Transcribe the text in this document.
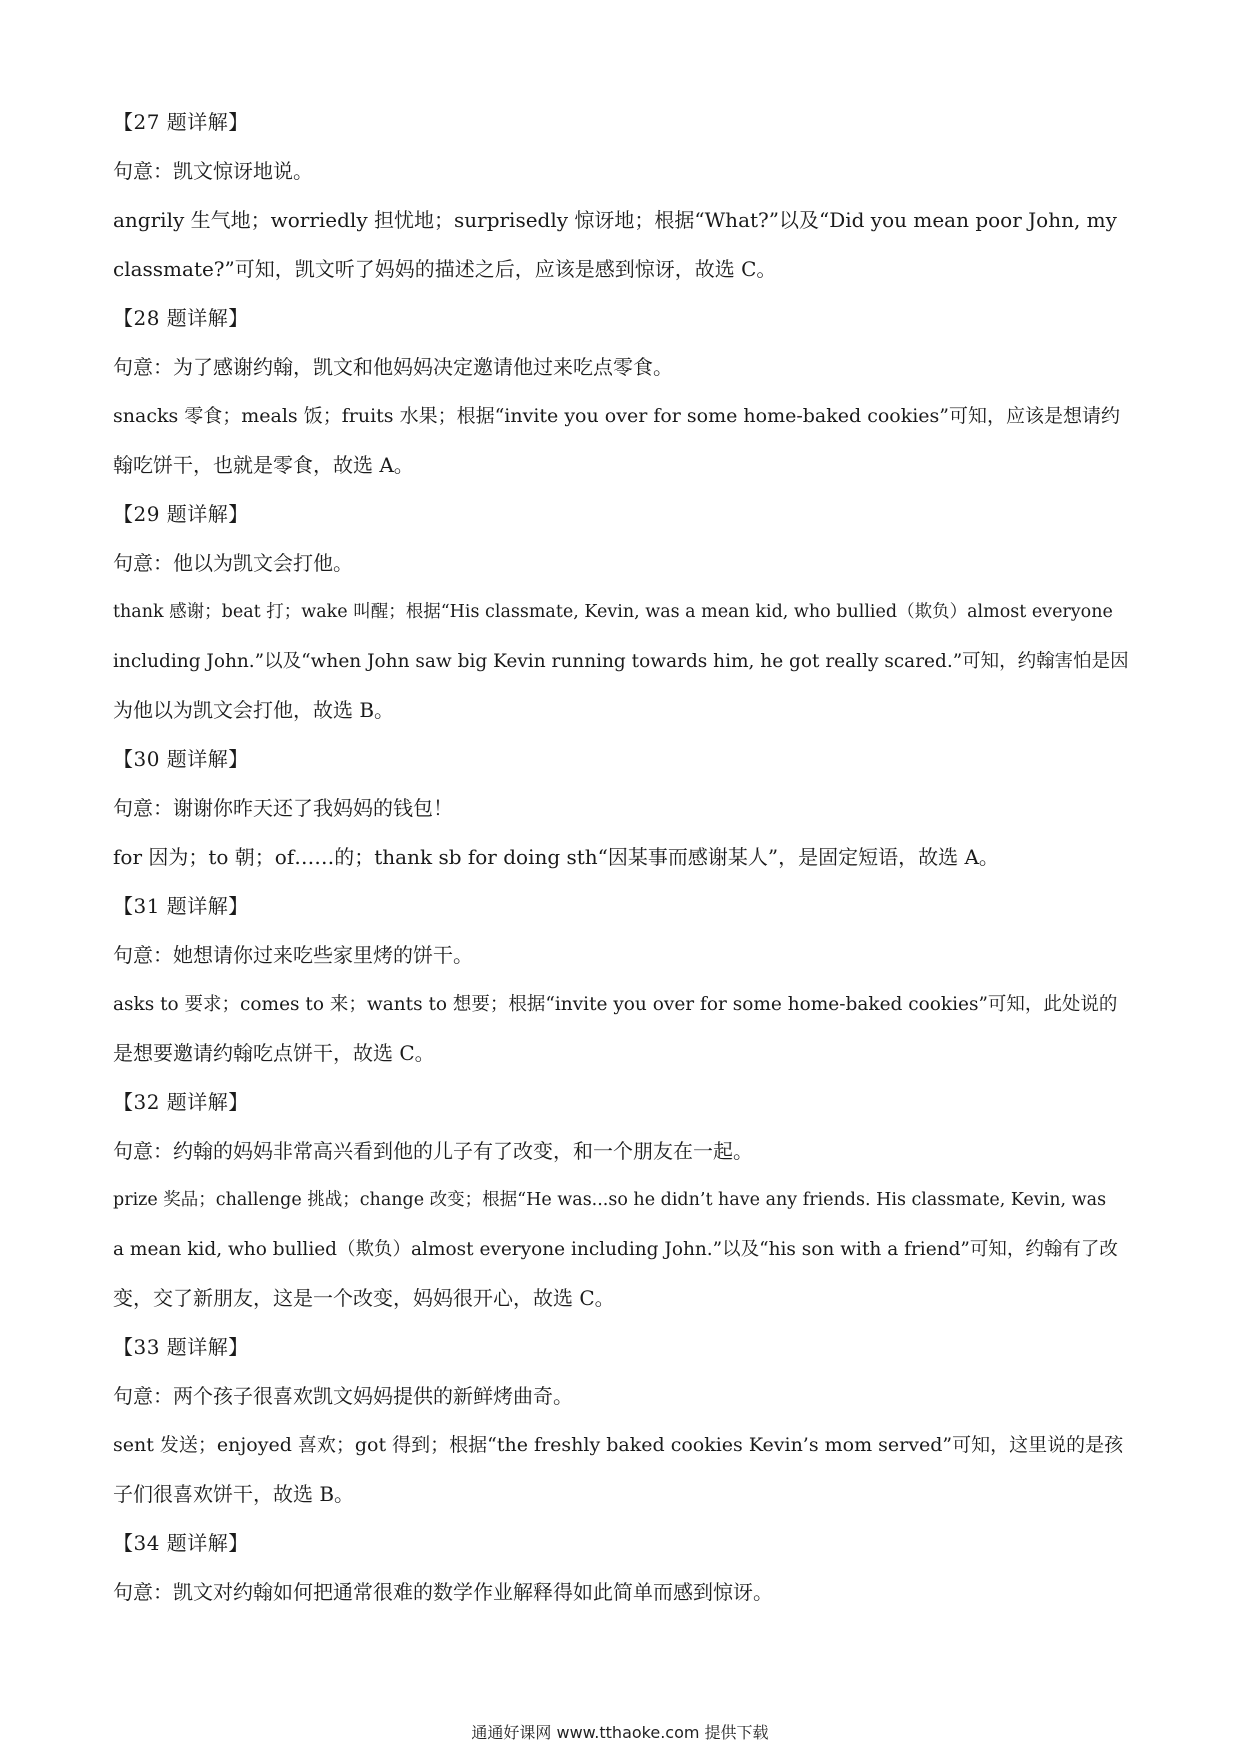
【27 题详解】

句意：凯文惊讶地说。

angrily 生气地；worriedly 担忧地；surprisedly 惊讶地；根据“What?”以及“Did you mean poor John, my

classmate?”可知，凯文听了妈妈的描述之后，应该是感到惊讶，故选 C。

【28 题详解】

句意：为了感谢约翰，凯文和他妈妈决定邀请他过来吃点零食。

snacks 零食；meals 饭；fruits 水果；根据“invite you over for some home-baked cookies”可知，应该是想请约

翰吃饼干，也就是零食，故选 A。

【29 题详解】

句意：他以为凯文会打他。

thank 感谢；beat 打；wake 叫醒；根据“His classmate, Kevin, was a mean kid, who bullied（欺负）almost everyone

including John.”以及“when John saw big Kevin running towards him, he got really scared.”可知，约翰害怕是因

为他以为凯文会打他，故选 B。

【30 题详解】

句意：谢谢你昨天还了我妈妈的钱包！

for 因为；to 朝；of……的；thank sb for doing sth“因某事而感谢某人”，是固定短语，故选 A。

【31 题详解】

句意：她想请你过来吃些家里烤的饼干。

asks to 要求；comes to 来；wants to 想要；根据“invite you over for some home-baked cookies”可知，此处说的

是想要邀请约翰吃点饼干，故选 C。

【32 题详解】

句意：约翰的妈妈非常高兴看到他的儿子有了改变，和一个朋友在一起。

prize 奖品；challenge 挑战；change 改变；根据“He was...so he didn’t have any friends. His classmate, Kevin, was

a mean kid, who bullied（欺负）almost everyone including John.”以及“his son with a friend”可知，约翰有了改

变，交了新朋友，这是一个改变，妈妈很开心，故选 C。

【33 题详解】

句意：两个孩子很喜欢凯文妈妈提供的新鲜烤曲奇。

sent 发送；enjoyed 喜欢；got 得到；根据“the freshly baked cookies Kevin’s mom served”可知，这里说的是孩

子们很喜欢饼干，故选 B。

【34 题详解】

句意：凯文对约翰如何把通常很难的数学作业解释得如此简单而感到惊讶。

通通好课网 www.tthaoke.com 提供下载
